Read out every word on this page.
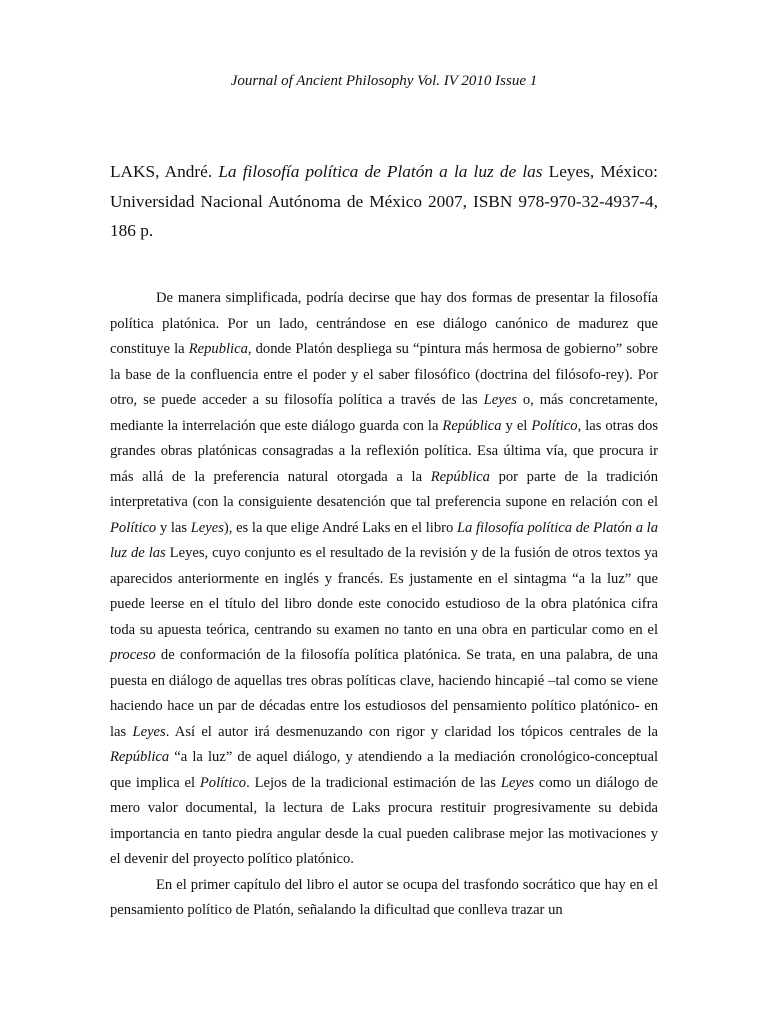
Journal of Ancient Philosophy Vol. IV 2010 Issue 1
LAKS, André. La filosofía política de Platón a la luz de las Leyes, México: Universidad Nacional Autónoma de México 2007, ISBN 978-970-32-4937-4, 186 p.

De manera simplificada, podría decirse que hay dos formas de presentar la filosofía política platónica. Por un lado, centrándose en ese diálogo canónico de madurez que constituye la Republica, donde Platón despliega su “pintura más hermosa de gobierno” sobre la base de la confluencia entre el poder y el saber filosófico (doctrina del filósofo-rey). Por otro, se puede acceder a su filosofía política a través de las Leyes o, más concretamente, mediante la interrelación que este diálogo guarda con la República y el Político, las otras dos grandes obras platónicas consagradas a la reflexión política. Esa última vía, que procura ir más allá de la preferencia natural otorgada a la República por parte de la tradición interpretativa (con la consiguiente desatención que tal preferencia supone en relación con el Político y las Leyes), es la que elige André Laks en el libro La filosofía política de Platón a la luz de las Leyes, cuyo conjunto es el resultado de la revisión y de la fusión de otros textos ya aparecidos anteriormente en inglés y francés. Es justamente en el sintagma “a la luz” que puede leerse en el título del libro donde este conocido estudioso de la obra platónica cifra toda su apuesta teórica, centrando su examen no tanto en una obra en particular como en el proceso de conformación de la filosofía política platónica. Se trata, en una palabra, de una puesta en diálogo de aquellas tres obras políticas clave, haciendo hincapié –tal como se viene haciendo hace un par de décadas entre los estudiosos del pensamiento político platónico- en las Leyes. Así el autor irá desmenuzando con rigor y claridad los tópicos centrales de la República “a la luz” de aquel diálogo, y atendiendo a la mediación cronológico-conceptual que implica el Político. Lejos de la tradicional estimación de las Leyes como un diálogo de mero valor documental, la lectura de Laks procura restituir progresivamente su debida importancia en tanto piedra angular desde la cual pueden calibrase mejor las motivaciones y el devenir del proyecto político platónico.

En el primer capítulo del libro el autor se ocupa del trasfondo socrático que hay en el pensamiento político de Platón, señalando la dificultad que conlleva trazar un
